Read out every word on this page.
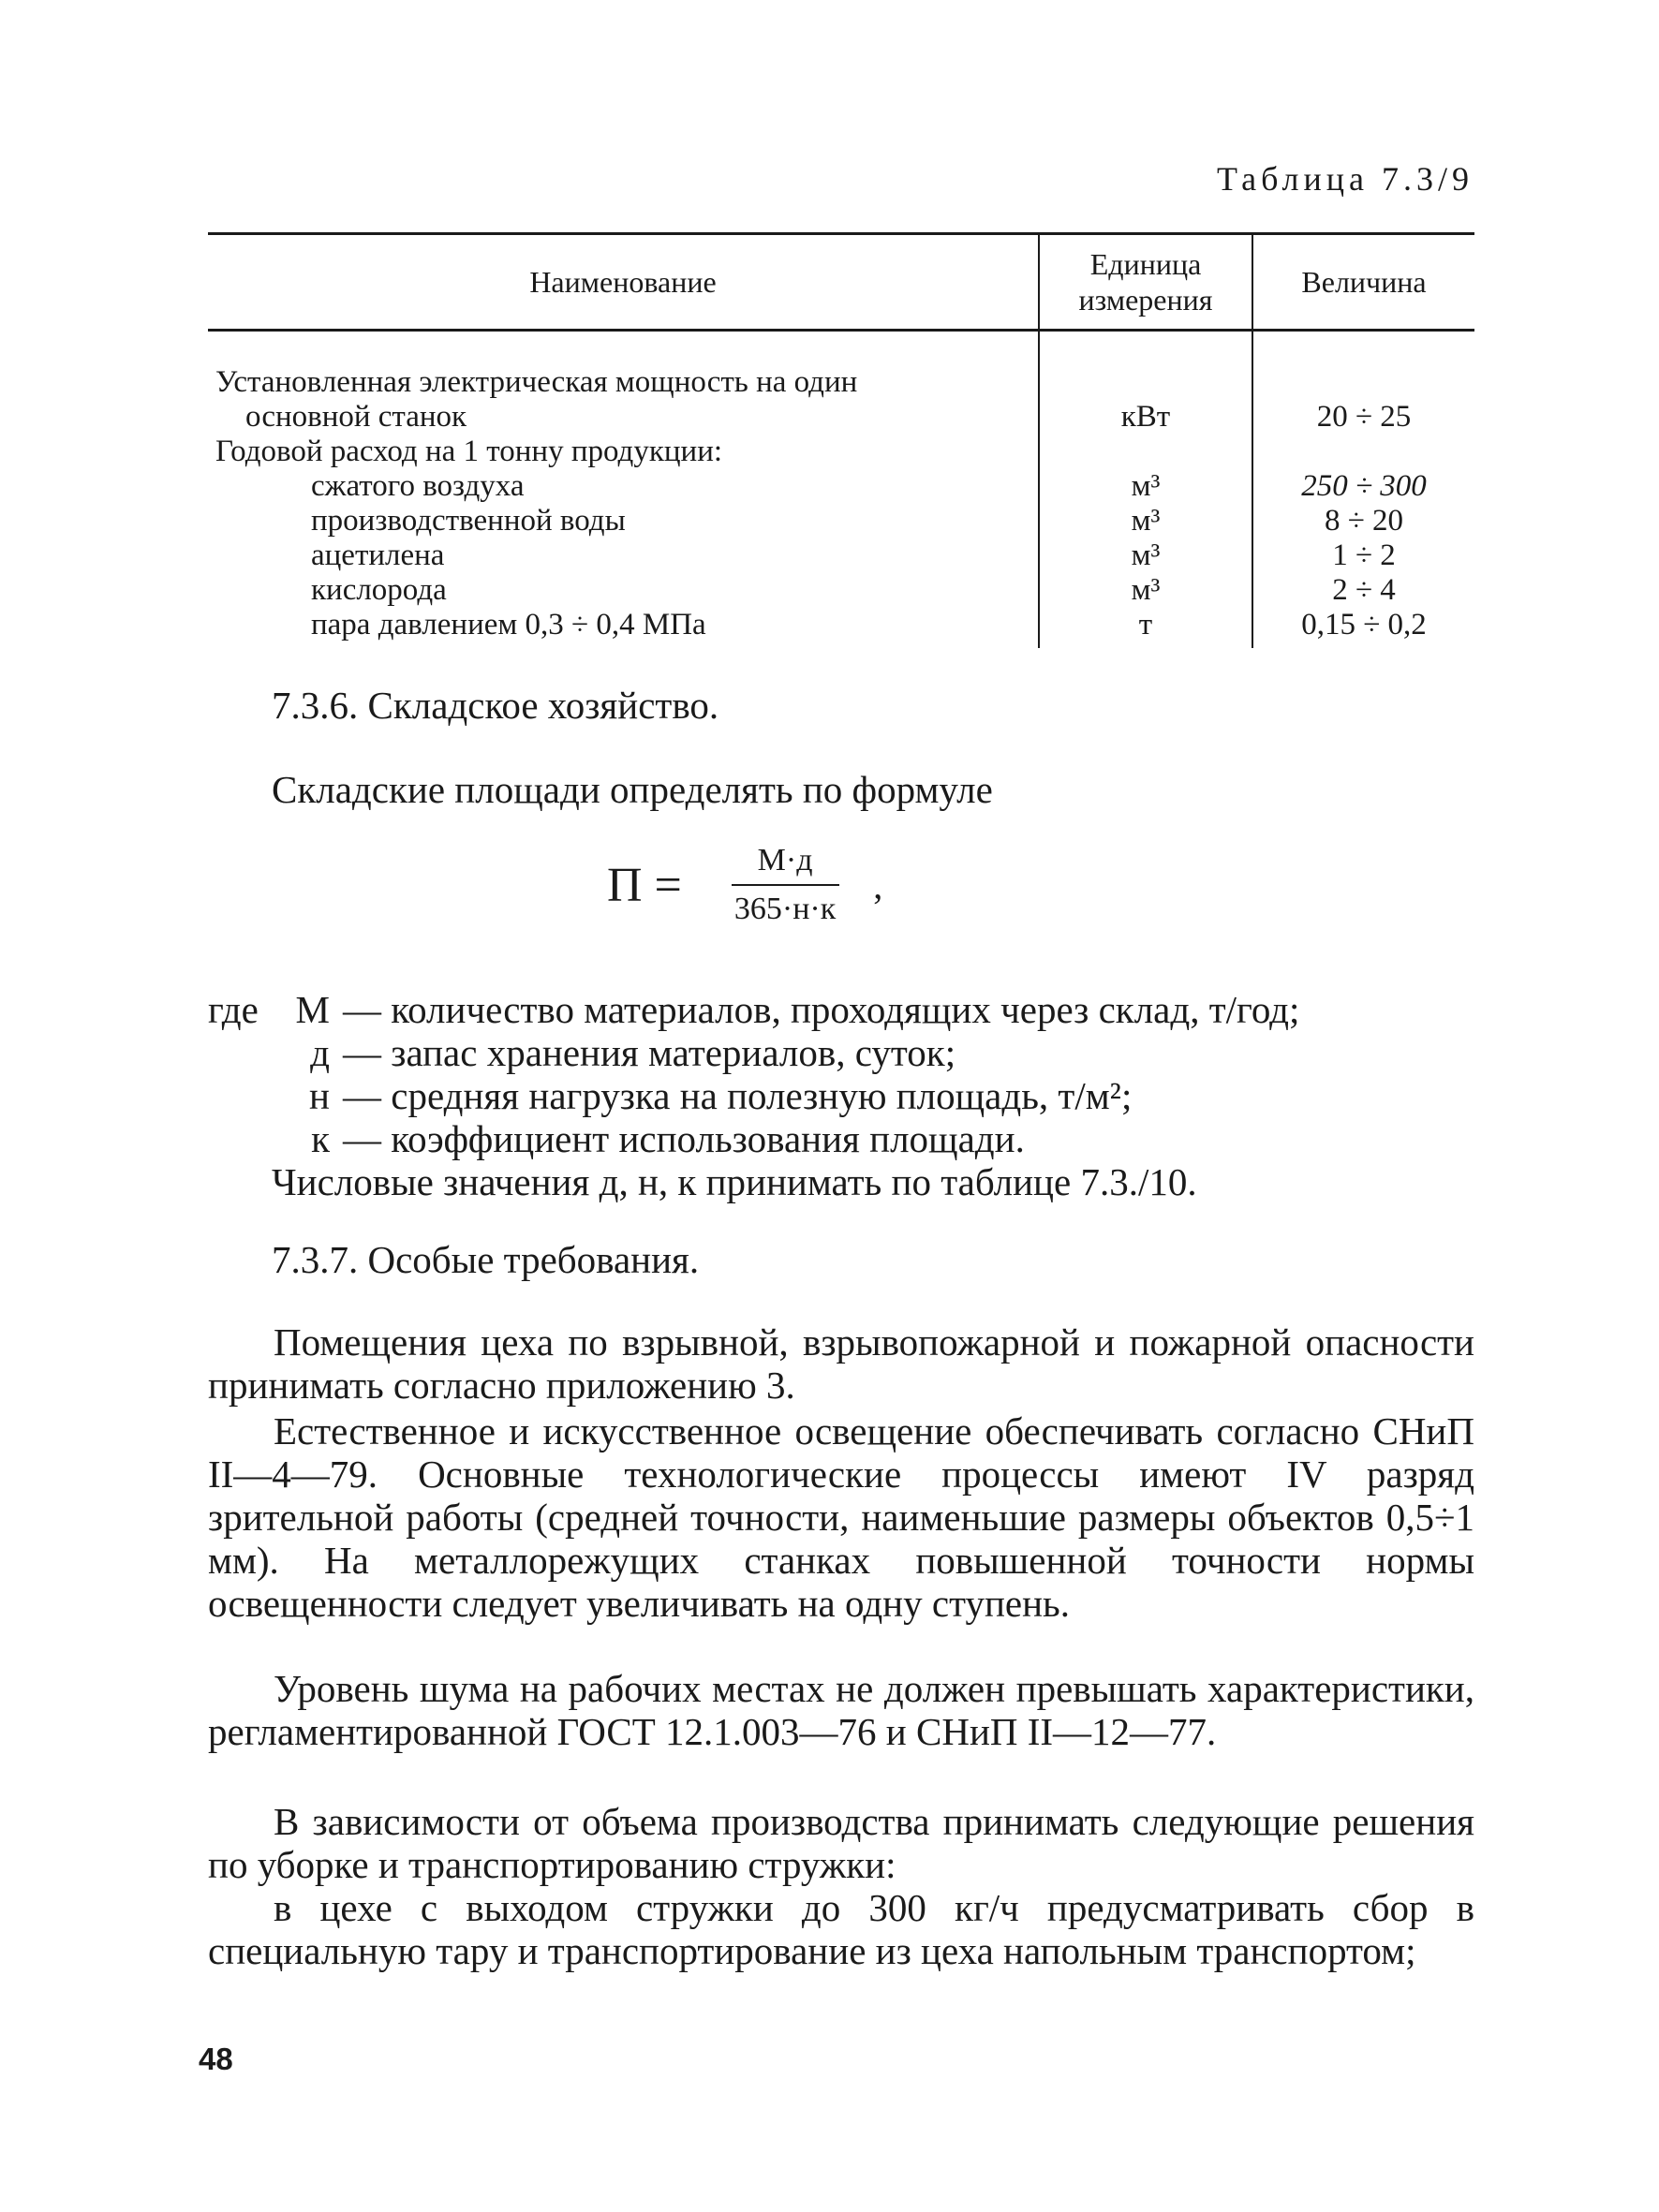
Таблица 7.3/9
Наименование	Единица измерения	Величина
Установленная электрическая мощность на один		
основной станок	кВт	20 ÷ 25
Годовой расход на 1 тонну продукции:		
сжатого воздуха	м³	250 ÷ 300
производственной воды	м³	8 ÷ 20
ацетилена	м³	1 ÷ 2
кислорода	м³	2 ÷ 4
пара давлением 0,3 ÷ 0,4 МПа	т	0,15 ÷ 0,2
7.3.6. Складское хозяйство.
Складские площади определять по формуле
$П = \frac{М\cdot д}{365\cdot н\cdot к}$ ,
где М — количество материалов, проходящих через склад, т/год;
д — запас хранения материалов, суток;
н — средняя нагрузка на полезную площадь, т/м²;
к — коэффициент использования площади.
Числовые значения д, н, к принимать по таблице 7.3./10.
7.3.7. Особые требования.
Помещения цеха по взрывной, взрывопожарной и пожарной опасности принимать согласно приложению 3.
Естественное и искусственное освещение обеспечивать согласно СНиП II—4—79. Основные технологические процессы имеют IV разряд зрительной работы (средней точности, наименьшие размеры объектов 0,5÷1 мм). На металлорежущих станках повышенной точности нормы освещенности следует увеличивать на одну ступень.
Уровень шума на рабочих местах не должен превышать характеристики, регламентированной ГОСТ 12.1.003—76 и СНиП II—12—77.
В зависимости от объема производства принимать следующие решения по уборке и транспортированию стружки:
в цехе с выходом стружки до 300 кг/ч предусматривать сбор в специальную тару и транспортирование из цеха напольным транспортом;
48
